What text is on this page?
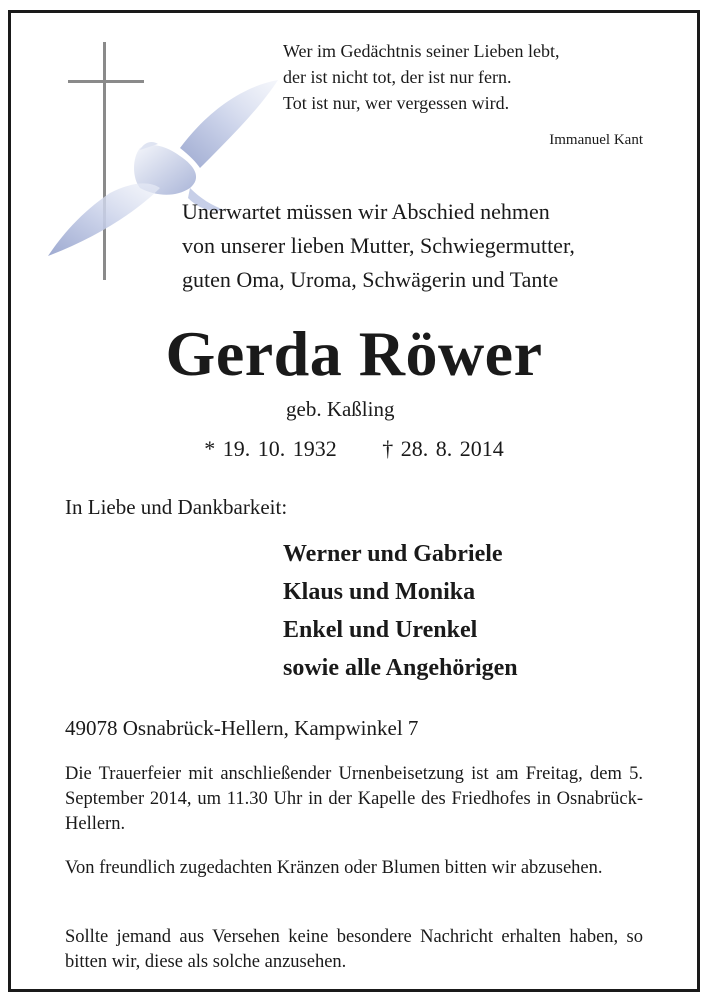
Wer im Gedächtnis seiner Lieben lebt,
der ist nicht tot, der ist nur fern.
Tot ist nur, wer vergessen wird.
Immanuel Kant
Unerwartet müssen wir Abschied nehmen
von unserer lieben Mutter, Schwiegermutter,
guten Oma, Uroma, Schwägerin und Tante
Gerda Röwer
geb. Kaßling
* 19. 10. 1932 † 28. 8. 2014
In Liebe und Dankbarkeit:
Werner und Gabriele
Klaus und Monika
Enkel und Urenkel
sowie alle Angehörigen
49078 Osnabrück-Hellern, Kampwinkel 7
Die Trauerfeier mit anschließender Urnenbeisetzung ist am Freitag, dem 5. September 2014, um 11.30 Uhr in der Kapelle des Friedhofes in Osnabrück-Hellern.
Von freundlich zugedachten Kränzen oder Blumen bitten wir abzusehen.
Sollte jemand aus Versehen keine besondere Nachricht erhalten haben, so bitten wir, diese als solche anzusehen.
